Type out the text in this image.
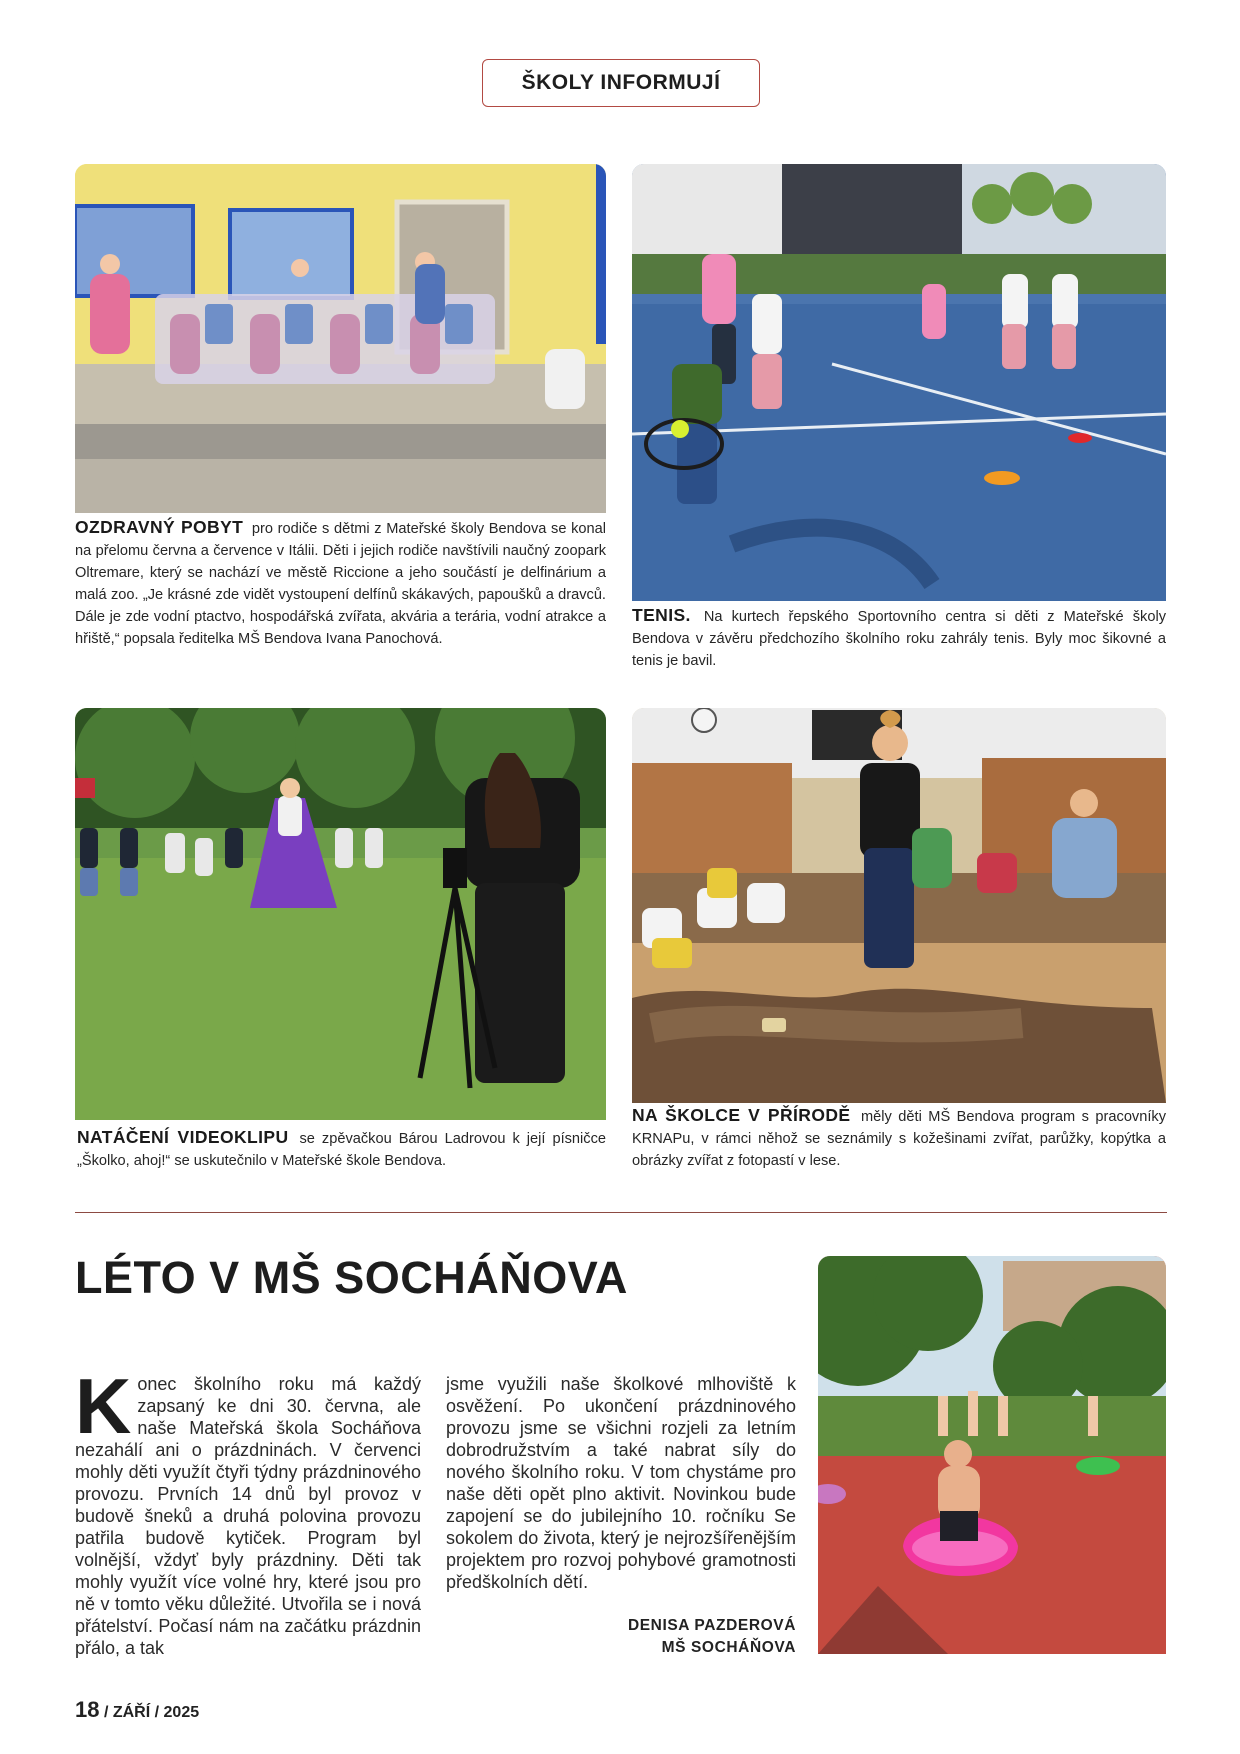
ŠKOLY INFORMUJÍ
OZDRAVNÝ POBYT pro rodiče s dětmi z Mateřské školy Bendova se konal na přelomu června a července v Itálii. Děti i jejich rodiče navštívili naučný zoopark Oltremare, který se nachází ve městě Riccione a jeho součástí je delfinárium a malá zoo. „Je krásné zde vidět vystoupení delfínů skákavých, papoušků a dravců. Dále je zde vodní ptactvo, hospodářská zvířata, akvária a terária, vodní atrakce a hřiště,“ popsala ředitelka MŠ Bendova Ivana Panochová.
TENIS. Na kurtech řepského Sportovního centra si děti z Mateřské školy Bendova v závěru předchozího školního roku zahrály tenis. Byly moc šikovné a tenis je bavil.
NATÁČENÍ VIDEOKLIPU se zpěvačkou Bárou Ladrovou k její písničce „Školko, ahoj!“ se uskutečnilo v Mateřské škole Bendova.
NA ŠKOLCE V PŘÍRODĚ měly děti MŠ Bendova program s pracovníky KRNAPu, v rámci něhož se seznámily s kožešinami zvířat, parůžky, kopýtka a obrázky zvířat z fotopastí v lese.
LÉTO V MŠ SOCHÁŇOVA
Konec školního roku má každý zapsaný ke dni 30. června, ale naše Mateřská škola Socháňova nezahálí ani o prázdninách. V červenci mohly děti využít čtyři týdny prázdninového provozu. Prvních 14 dnů byl provoz v budově šneků a druhá polovina provozu patřila budově kytiček. Program byl volnější, vždyť byly prázdniny. Děti tak mohly využít více volné hry, které jsou pro ně v tomto věku důležité. Utvořila se i nová přátelství. Počasí nám na začátku prázdnin přálo, a tak
jsme využili naše školkové mlhoviště k osvěžení. Po ukončení prázdninového provozu jsme se všichni rozjeli za letním dobrodružstvím a také nabrat síly do nového školního roku. V tom chystáme pro naše děti opět plno aktivit. Novinkou bude zapojení se do jubilejního 10. ročníku Se sokolem do života, který je nejrozšířenějším projektem pro rozvoj pohybové gramotnosti předškolních dětí.
DENISA PAZDEROVÁ
MŠ SOCHÁŇOVA
18 / ZÁŘÍ / 2025
